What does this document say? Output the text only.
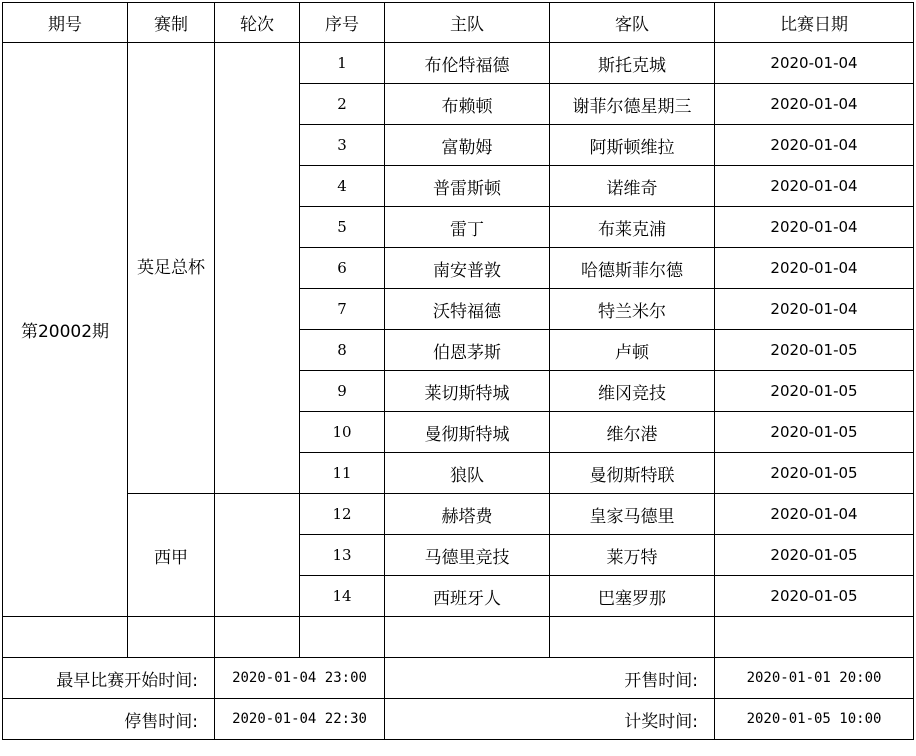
期号	赛制	轮次	序号	主队	客队	比赛日期
第20002期	英足总杯		1	布伦特福德	斯托克城	2020-01-04
			2	布赖顿	谢菲尔德星期三	2020-01-04
			3	富勒姆	阿斯顿维拉	2020-01-04
			4	普雷斯顿	诺维奇	2020-01-04
			5	雷丁	布莱克浦	2020-01-04
			6	南安普敦	哈德斯菲尔德	2020-01-04
			7	沃特福德	特兰米尔	2020-01-04
			8	伯恩茅斯	卢顿	2020-01-05
			9	莱切斯特城	维冈竞技	2020-01-05
			10	曼彻斯特城	维尔港	2020-01-05
			11	狼队	曼彻斯特联	2020-01-05
	西甲		12	赫塔费	皇家马德里	2020-01-04
			13	马德里竞技	莱万特	2020-01-05
			14	西班牙人	巴塞罗那	2020-01-05

最早比赛开始时间:		2020-01-04 23:00		开售时间:		2020-01-01 20:00
停售时间:		2020-01-04 22:30		计奖时间:		2020-01-05 10:00
